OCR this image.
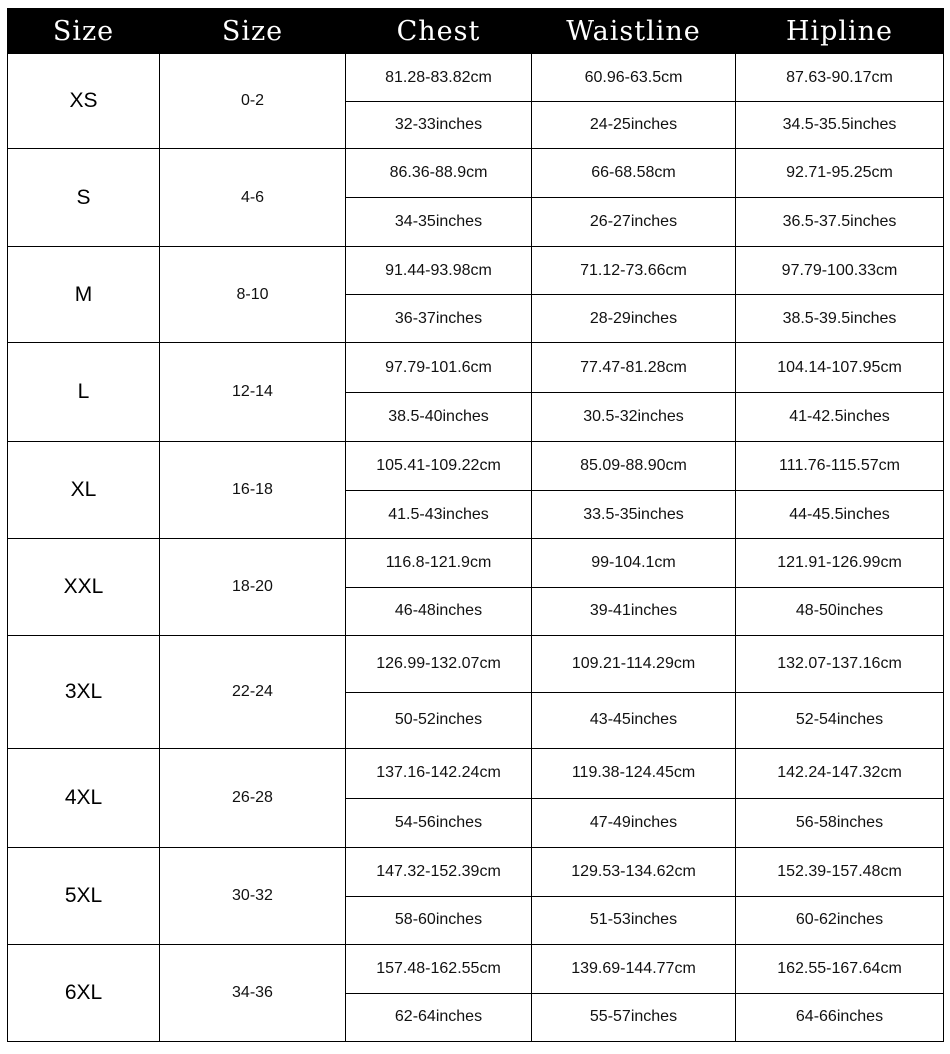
Size	Size	Chest	Waistline	Hipline
XS	0-2	81.28-83.82cm	60.96-63.5cm	87.63-90.17cm
		32-33inches	24-25inches	34.5-35.5inches
S	4-6	86.36-88.9cm	66-68.58cm	92.71-95.25cm
		34-35inches	26-27inches	36.5-37.5inches
M	8-10	91.44-93.98cm	71.12-73.66cm	97.79-100.33cm
		36-37inches	28-29inches	38.5-39.5inches
L	12-14	97.79-101.6cm	77.47-81.28cm	104.14-107.95cm
		38.5-40inches	30.5-32inches	41-42.5inches
XL	16-18	105.41-109.22cm	85.09-88.90cm	111.76-115.57cm
		41.5-43inches	33.5-35inches	44-45.5inches
XXL	18-20	116.8-121.9cm	99-104.1cm	121.91-126.99cm
		46-48inches	39-41inches	48-50inches
3XL	22-24	126.99-132.07cm	109.21-114.29cm	132.07-137.16cm
		50-52inches	43-45inches	52-54inches
4XL	26-28	137.16-142.24cm	119.38-124.45cm	142.24-147.32cm
		54-56inches	47-49inches	56-58inches
5XL	30-32	147.32-152.39cm	129.53-134.62cm	152.39-157.48cm
		58-60inches	51-53inches	60-62inches
6XL	34-36	157.48-162.55cm	139.69-144.77cm	162.55-167.64cm
		62-64inches	55-57inches	64-66inches
